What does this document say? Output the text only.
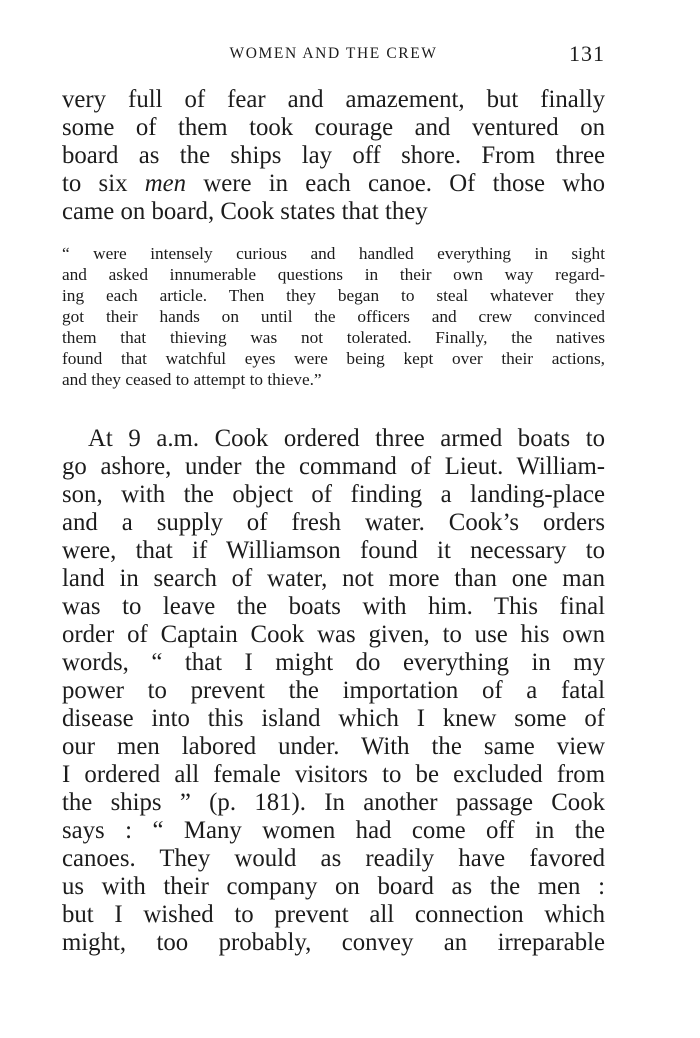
WOMEN AND THE CREW	131
very full of fear and amazement, but finally
some of them took courage and ventured on
board as the ships lay off shore. From three
to six men were in each canoe. Of those who
came on board, Cook states that they
“ were intensely curious and handled everything in sight
and asked innumerable questions in their own way regard-
ing each article. Then they began to steal whatever they
got their hands on until the officers and crew convinced
them that thieving was not tolerated. Finally, the natives
found that watchful eyes were being kept over their actions,
and they ceased to attempt to thieve.”
At 9 a.m. Cook ordered three armed boats to
go ashore, under the command of Lieut. William-
son, with the object of finding a landing-place
and a supply of fresh water. Cook’s orders
were, that if Williamson found it necessary to
land in search of water, not more than one man
was to leave the boats with him. This final
order of Captain Cook was given, to use his own
words, “ that I might do everything in my
power to prevent the importation of a fatal
disease into this island which I knew some of
our men labored under. With the same view
I ordered all female visitors to be excluded from
the ships ” (p. 181). In another passage Cook
says : “ Many women had come off in the
canoes. They would as readily have favored
us with their company on board as the men :
but I wished to prevent all connection which
might, too probably, convey an irreparable
